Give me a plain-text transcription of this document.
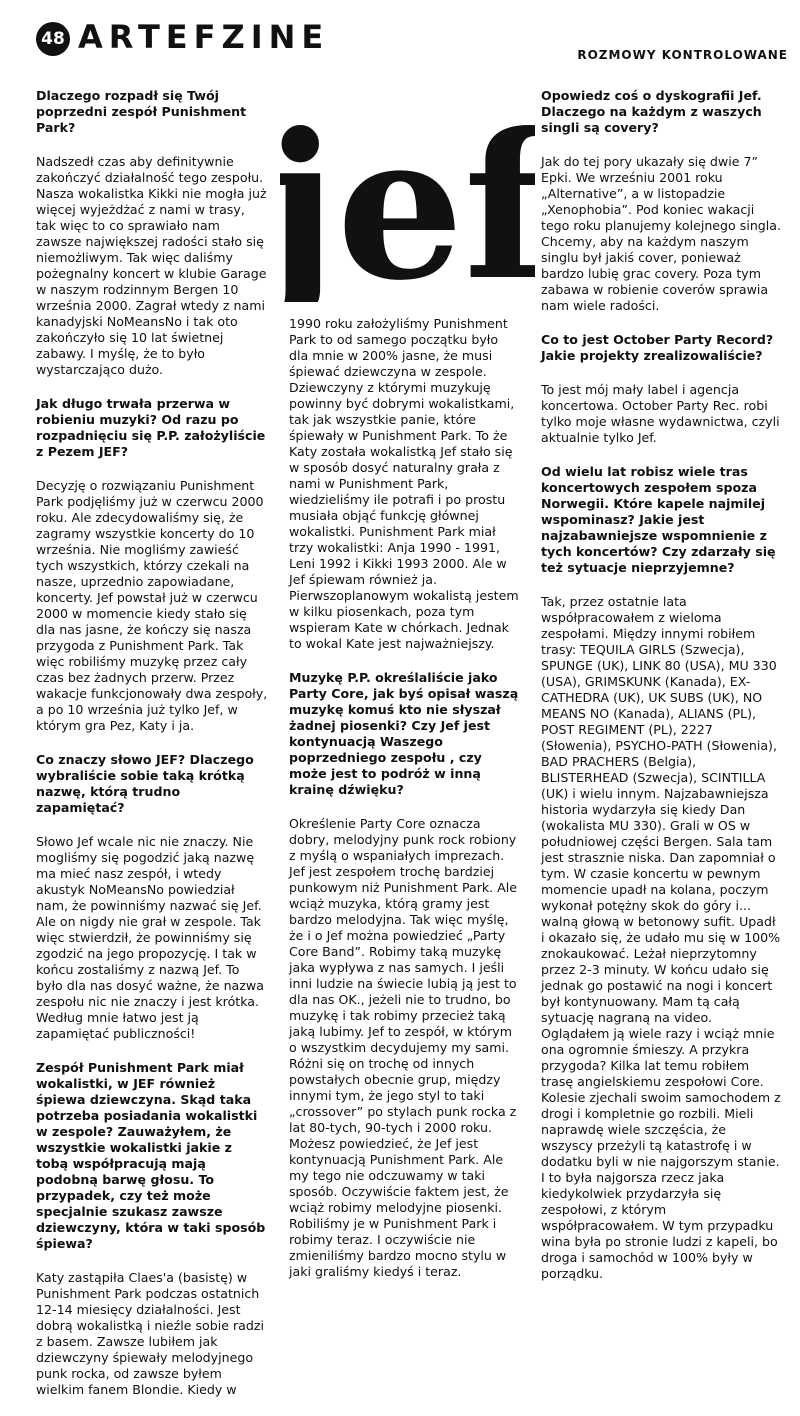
48 ARTEFZINE	ROZMOWY KONTROLOWANE
jef

Dlaczego rozpadł się Twój poprzedni zespół Punishment Park?

Nadszedł czas aby definitywnie zakończyć działalność tego zespołu. Nasza wokalistka Kikki nie mogła już więcej wyjeżdżać z nami w trasy, tak więc to co sprawiało nam zawsze największej radości stało się niemożliwym. Tak więc daliśmy pożegnalny koncert w klubie Garage w naszym rodzinnym Bergen 10 września 2000. Zagrał wtedy z nami kanadyjski NoMeansNo i tak oto zakończyło się 10 lat świetnej zabawy. I myślę, że to było wystarczająco dużo.

Jak długo trwała przerwa w robieniu muzyki? Od razu po rozpadnięciu się P.P. założyliście z Pezem JEF?

Decyzję o rozwiązaniu Punishment Park podjęliśmy już w czerwcu 2000 roku. Ale zdecydowaliśmy się, że zagramy wszystkie koncerty do 10 września. Nie mogliśmy zawieść tych wszystkich, którzy czekali na nasze, uprzednio zapowiadane, koncerty. Jef powstał już w czerwcu 2000 w momencie kiedy stało się dla nas jasne, że kończy się nasza przygoda z Punishment Park. Tak więc robiliśmy muzykę przez cały czas bez żadnych przerw. Przez wakacje funkcjonowały dwa zespoły, a po 10 września już tylko Jef, w którym gra Pez, Katy i ja.

Co znaczy słowo JEF? Dlaczego wybraliście sobie taką krótką nazwę, którą trudno zapamiętać?

Słowo Jef wcale nic nie znaczy. Nie mogliśmy się pogodzić jaką nazwę ma mieć nasz zespół, i wtedy akustyk NoMeansNo powiedział nam, że powinniśmy nazwać się Jef. Ale on nigdy nie grał w zespole. Tak więc stwierdził, że powinniśmy się zgodzić na jego propozycję. I tak w końcu zostaliśmy z nazwą Jef. To było dla nas dosyć ważne, że nazwa zespołu nic nie znaczy i jest krótka. Według mnie łatwo jest ją zapamiętać publiczności!

Zespół Punishment Park miał wokalistki, w JEF również śpiewa dziewczyna. Skąd taka potrzeba posiadania wokalistki w zespole? Zauważyłem, że wszystkie wokalistki jakie z tobą współpracują mają podobną barwę głosu. To przypadek, czy też może specjalnie szukasz zawsze dziewczyny, która w taki sposób śpiewa?

Katy zastąpiła Claes'a (basistę) w Punishment Park podczas ostatnich 12-14 miesięcy działalności. Jest dobrą wokalistką i nieźle sobie radzi z basem. Zawsze lubiłem jak dziewczyny śpiewały melodyjnego punk rocka, od zawsze byłem wielkim fanem Blondie. Kiedy w

1990 roku założyliśmy Punishment Park to od samego początku było dla mnie w 200% jasne, że musi śpiewać dziewczyna w zespole. Dziewczyny z którymi muzykuję powinny być dobrymi wokalistkami, tak jak wszystkie panie, które śpiewały w Punishment Park. To że Katy została wokalistką Jef stało się w sposób dosyć naturalny grała z nami w Punishment Park, wiedzieliśmy ile potrafi i po prostu musiała objąć funkcję głównej wokalistki. Punishment Park miał trzy wokalistki: Anja 1990 - 1991, Leni 1992 i Kikki 1993 2000. Ale w Jef śpiewam również ja. Pierwszoplanowym wokalistą jestem w kilku piosenkach, poza tym wspieram Kate w chórkach. Jednak to wokal Kate jest najważniejszy.

Muzykę P.P. określaliście jako Party Core, jak byś opisał waszą muzykę komuś kto nie słyszał żadnej piosenki? Czy Jef jest kontynuacją Waszego poprzedniego zespołu , czy może jest to podróż w inną krainę dźwięku?

Określenie Party Core oznacza dobry, melodyjny punk rock robiony z myślą o wspaniałych imprezach. Jef jest zespołem trochę bardziej punkowym niż Punishment Park. Ale wciąż muzyka, którą gramy jest bardzo melodyjna. Tak więc myślę, że i o Jef można powiedzieć „Party Core Band”. Robimy taką muzykę jaka wypływa z nas samych. I jeśli inni ludzie na świecie lubią ją jest to dla nas OK., jeżeli nie to trudno, bo muzykę i tak robimy przecież taką jaką lubimy. Jef to zespół, w którym o wszystkim decydujemy my sami. Różni się on trochę od innych powstałych obecnie grup, między innymi tym, że jego styl to taki „crossover” po stylach punk rocka z lat 80-tych, 90-tych i 2000 roku. Możesz powiedzieć, że Jef jest kontynuacją Punishment Park. Ale my tego nie odczuwamy w taki sposób. Oczywiście faktem jest, że wciąż robimy melodyjne piosenki. Robiliśmy je w Punishment Park i robimy teraz. I oczywiście nie zmieniliśmy bardzo mocno stylu w jaki graliśmy kiedyś i teraz.

Opowiedz coś o dyskografii Jef. Dlaczego na każdym z waszych singli są covery?

Jak do tej pory ukazały się dwie 7” Epki. We wrześniu 2001 roku „Alternative”, a w listopadzie „Xenophobia”. Pod koniec wakacji tego roku planujemy kolejnego singla. Chcemy, aby na każdym naszym singlu był jakiś cover, ponieważ bardzo lubię grac covery. Poza tym zabawa w robienie coverów sprawia nam wiele radości.

Co to jest October Party Record? Jakie projekty zrealizowaliście?

To jest mój mały label i agencja koncertowa. October Party Rec. robi tylko moje własne wydawnictwa, czyli aktualnie tylko Jef.

Od wielu lat robisz wiele tras koncertowych zespołem spoza Norwegii. Które kapele najmilej wspominasz? Jakie jest najzabawniejsze wspomnienie z tych koncertów? Czy zdarzały się też sytuacje nieprzyjemne?

Tak, przez ostatnie lata współpracowałem z wieloma zespołami. Między innymi robiłem trasy: TEQUILA GIRLS (Szwecja), SPUNGE (UK), LINK 80 (USA), MU 330 (USA), GRIMSKUNK (Kanada), EX-CATHEDRA (UK), UK SUBS (UK), NO MEANS NO (Kanada), ALIANS (PL), POST REGIMENT (PL), 2227 (Słowenia), PSYCHO-PATH (Słowenia), BAD PRACHERS (Belgia), BLISTERHEAD (Szwecja), SCINTILLA (UK) i wielu innym. Najzabawniejsza historia wydarzyła się kiedy Dan (wokalista MU 330). Grali w OS w południowej części Bergen. Sala tam jest strasznie niska. Dan zapomniał o tym. W czasie koncertu w pewnym momencie upadł na kolana, poczym wykonał potężny skok do góry i... walną głową w betonowy sufit. Upadł i okazało się, że udało mu się w 100% znokaukować. Leżał nieprzytomny przez 2-3 minuty. W końcu udało się jednak go postawić na nogi i koncert był kontynuowany. Mam tą całą sytuację nagraną na video. Oglądałem ją wiele razy i wciąż mnie ona ogromnie śmieszy. A przykra przygoda? Kilka lat temu robiłem trasę angielskiemu zespołowi Core. Kolesie zjechali swoim samochodem z drogi i kompletnie go rozbili. Mieli naprawdę wiele szczęścia, że wszyscy przeżyli tą katastrofę i w dodatku byli w nie najgorszym stanie. I to była najgorsza rzecz jaka kiedykolwiek przydarzyła się zespołowi, z którym współpracowałem. W tym przypadku wina była po stronie ludzi z kapeli, bo droga i samochód w 100% były w porządku.
